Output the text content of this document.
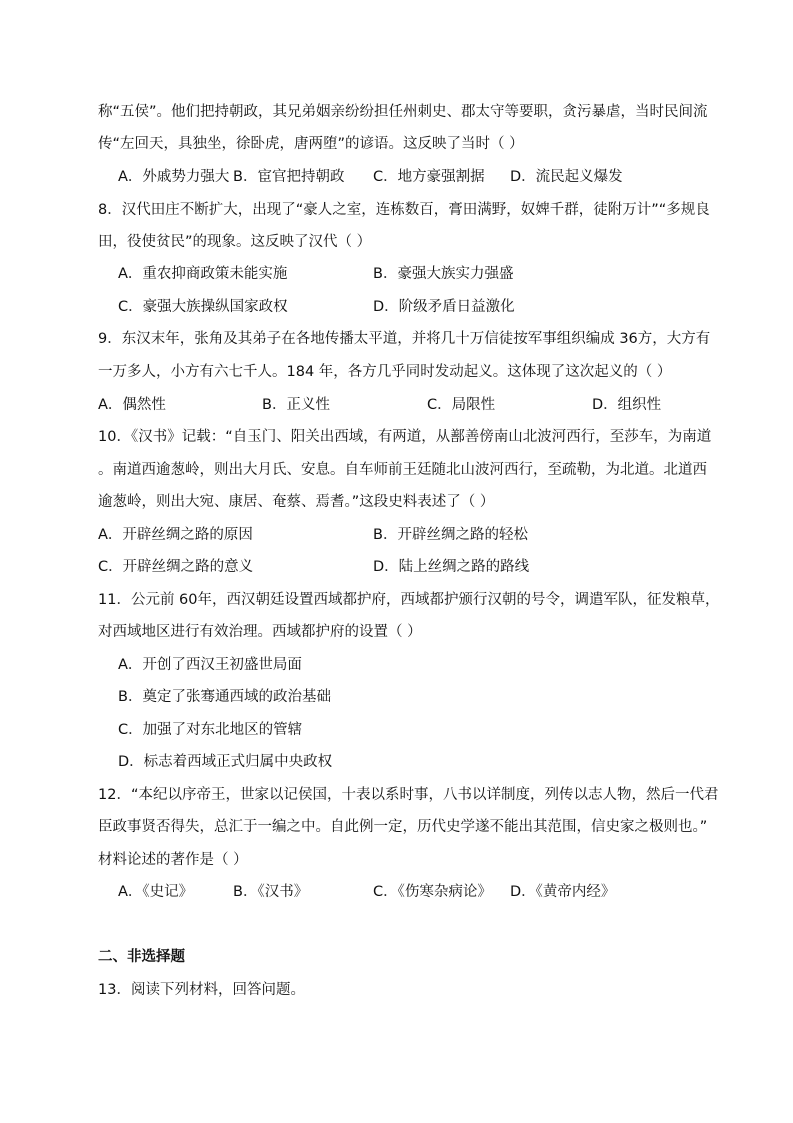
称“五侯”。他们把持朝政，其兄弟姻亲纷纷担任州刺史、郡太守等要职，贪污暴虐，当时民间流
传“左回天，具独坐，徐卧虎，唐两堕”的谚语。这反映了当时（ ）
A．外戚势力强大 B．宦官把持朝政 C．地方豪强割据 D．流民起义爆发
8．汉代田庄不断扩大，出现了“豪人之室，连栋数百，膏田满野，奴婢千群，徒附万计”“多规良
田，役使贫民”的现象。这反映了汉代（ ）
A．重农抑商政策未能实施	B．豪强大族实力强盛
C．豪强大族操纵国家政权	D．阶级矛盾日益激化
9．东汉末年，张角及其弟子在各地传播太平道，并将几十万信徒按军事组织编成 36方，大方有
一万多人，小方有六七千人。184 年，各方几乎同时发动起义。这体现了这次起义的（ ）
A．偶然性	B．正义性	C．局限性	D．组织性
10．《汉书》记载：“自玉门、阳关出西域，有两道，从鄯善傍南山北波河西行，至莎车，为南道
。南道西逾葱岭，则出大月氏、安息。自车师前王廷随北山波河西行，至疏勒，为北道。北道西
逾葱岭，则出大宛、康居、奄蔡、焉耆。”这段史料表述了（ ）
A．开辟丝绸之路的原因	B．开辟丝绸之路的轻松
C．开辟丝绸之路的意义	D．陆上丝绸之路的路线
11．公元前 60年，西汉朝廷设置西域都护府，西域都护颁行汉朝的号令，调遣军队，征发粮草，
对西域地区进行有效治理。西域都护府的设置（ ）
A．开创了西汉王初盛世局面
B．奠定了张骞通西域的政治基础
C．加强了对东北地区的管辖
D．标志着西域正式归属中央政权
12．“本纪以序帝王，世家以记侯国，十表以系时事，八书以详制度，列传以志人物，然后一代君
臣政事贤否得失，总汇于一编之中。自此例一定，历代史学遂不能出其范围，信史家之极则也。”
材料论述的著作是（ ）
A．《史记》	B．《汉书》	C．《伤寒杂病论》 D．《黄帝内经》
二、非选择题
13．阅读下列材料，回答问题。
